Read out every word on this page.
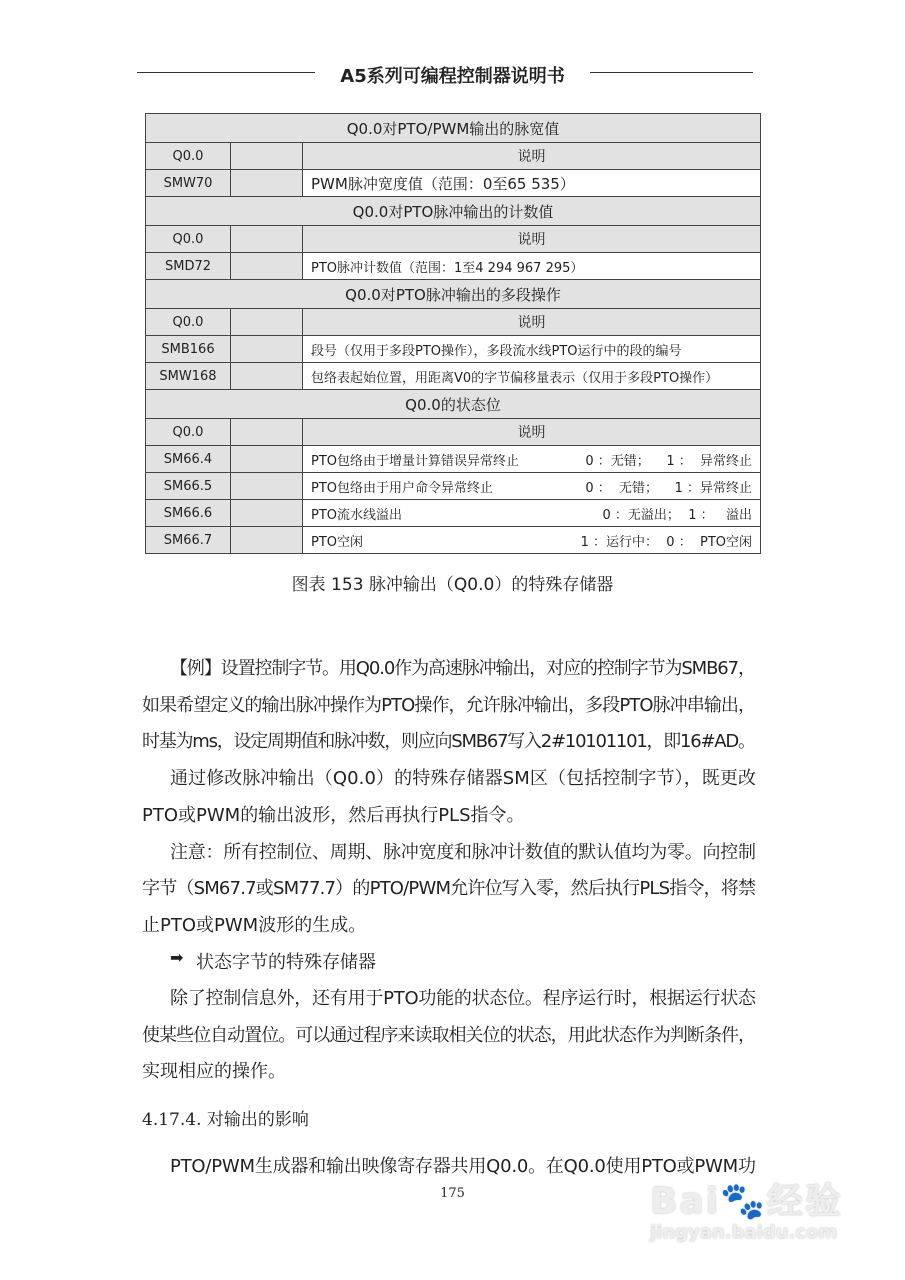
A5系列可编程控制器说明书
Q0.0对PTO/PWM输出的脉宽值		
Q0.0		说明
SMW70		PWM脉冲宽度值（范围：0至65 535）
Q0.0对PTO脉冲输出的计数值		
Q0.0		说明
SMD72		PTO脉冲计数值（范围：1至4 294 967 295）
Q0.0对PTO脉冲输出的多段操作		
Q0.0		说明
SMB166		段号（仅用于多段PTO操作），多段流水线PTO运行中的段的编号
SMW168		包络表起始位置，用距离V0的字节偏移量表示（仅用于多段PTO操作）
Q0.0的状态位		
Q0.0		说明
SM66.4		PTO包络由于增量计算错误异常终止 0 ：无错；    1 ：  异常终止

SM66.5		PTO包络由于用户命令异常终止 0 ：  无错；    1 ：异常终止

SM66.6		PTO流水线溢出 0 ：无溢出；  1 ：   溢出

SM66.7		PTO空闲 1 ：运行中：  0 ：  PTO空闲
图表 153 脉冲输出（Q0.0）的特殊存储器
【例】设置控制字节。用Q0.0作为高速脉冲输出，对应的控制字节为SMB67，
如果希望定义的输出脉冲操作为PTO操作，允许脉冲输出，多段PTO脉冲串输出，
时基为ms，设定周期值和脉冲数，则应向SMB67写入2#10101101，即16#AD。
通过修改脉冲输出（Q0.0）的特殊存储器SM区（包括控制字节），既更改
PTO或PWM的输出波形，然后再执行PLS指令。
注意：所有控制位、周期、脉冲宽度和脉冲计数值的默认值均为零。向控制
字节（SM67.7或SM77.7）的PTO/PWM允许位写入零，然后执行PLS指令，将禁
止PTO或PWM波形的生成。
➡ 状态字节的特殊存储器
除了控制信息外，还有用于PTO功能的状态位。程序运行时，根据运行状态
使某些位自动置位。可以通过程序来读取相关位的状态，用此状态作为判断条件，
实现相应的操作。
4.17.4. 对输出的影响
PTO/PWM生成器和输出映像寄存器共用Q0.0。在Q0.0使用PTO或PWM功
175	Bai🐾经验
jingyan.baidu.com
